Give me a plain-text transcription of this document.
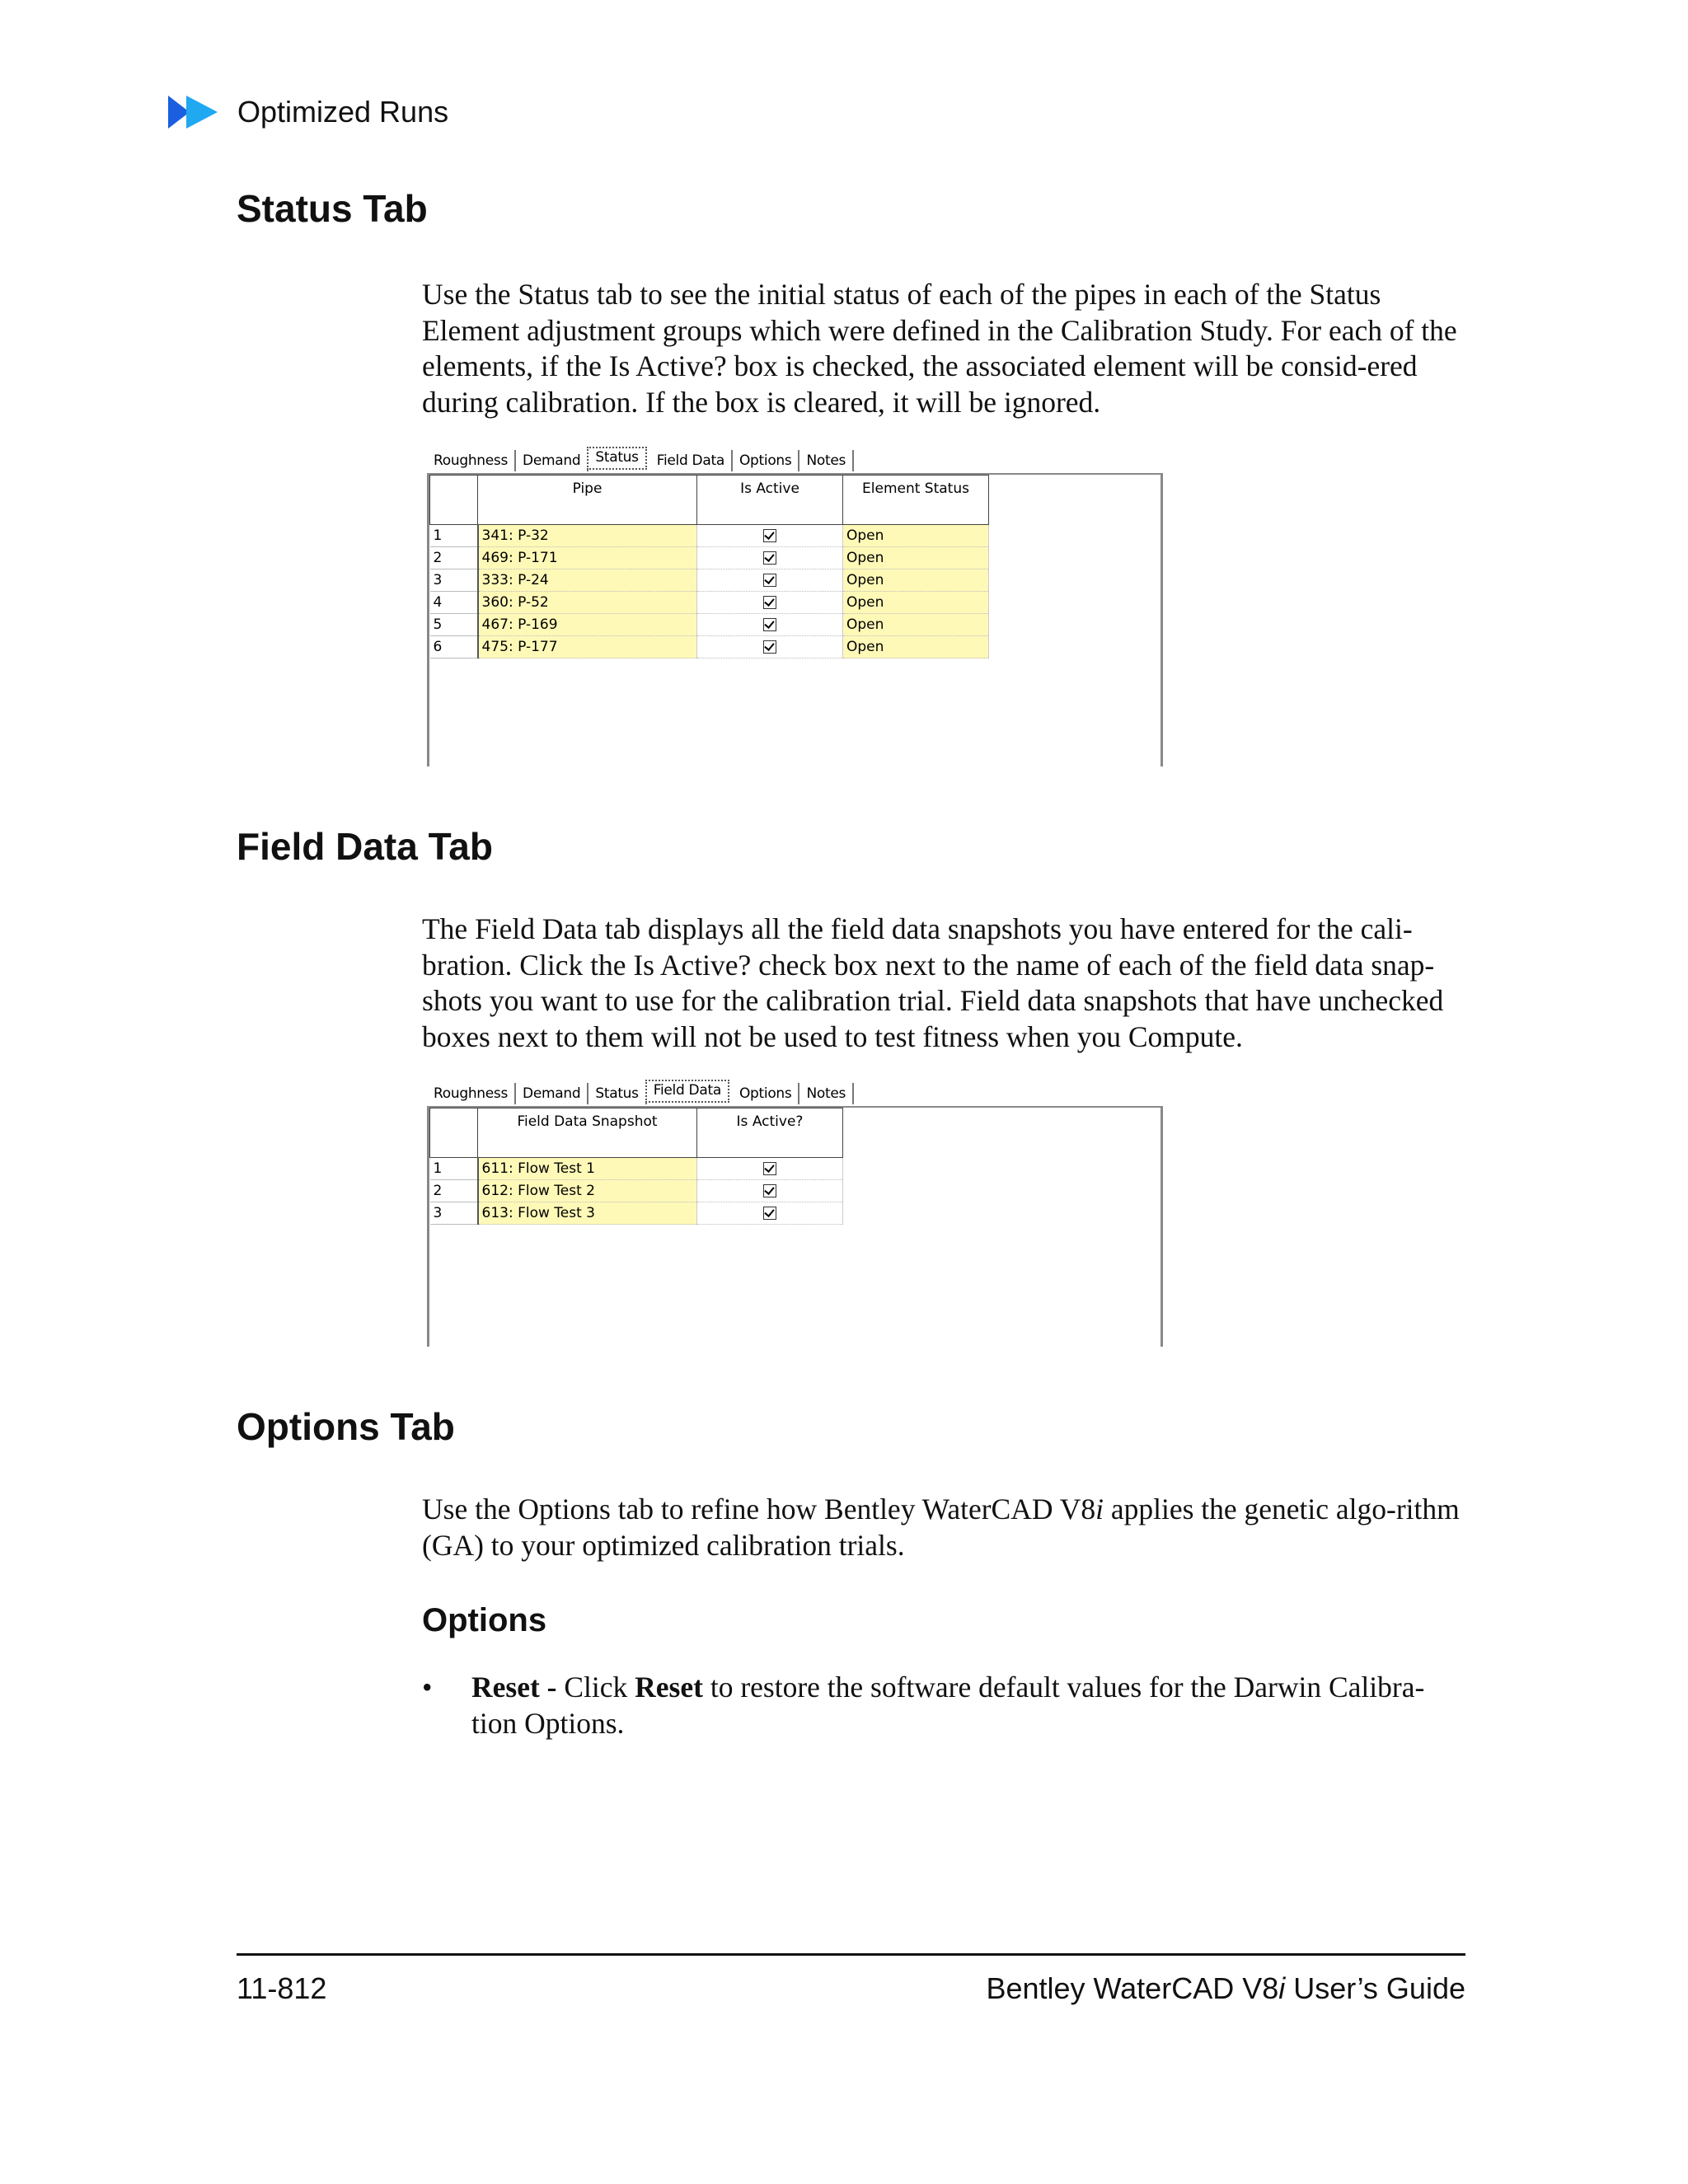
Optimized Runs
Status Tab

Use the Status tab to see the initial status of each of the pipes in each of the Status Element adjustment groups which were defined in the Calibration Study. For each of the elements, if the Is Active? box is checked, the associated element will be consid-ered during calibration. If the box is cleared, it will be ignored.

Roughness	Demand	Status	Field Data	Options	Notes
	Pipe	Is Active	Element Status
1	341: P-32		Open
2	469: P-171		Open
3	333: P-24		Open
4	360: P-52		Open
5	467: P-169		Open
6	475: P-177		Open
Field Data Tab

The Field Data tab displays all the field data snapshots you have entered for the cali-bration. Click the Is Active? check box next to the name of each of the field data snap-shots you want to use for the calibration trial. Field data snapshots that have unchecked boxes next to them will not be used to test fitness when you Compute.

Roughness	Demand	Status	Field Data	Options	Notes
	Field Data Snapshot	Is Active?
1	611: Flow Test 1	
2	612: Flow Test 2	
3	613: Flow Test 3	
Options Tab

Use the Options tab to refine how Bentley WaterCAD V8i applies the genetic algo-rithm (GA) to your optimized calibration trials.

Options
• Reset - Click Reset to restore the software default values for the Darwin Calibra-tion Options.
11-812	Bentley WaterCAD V8i User’s Guide
